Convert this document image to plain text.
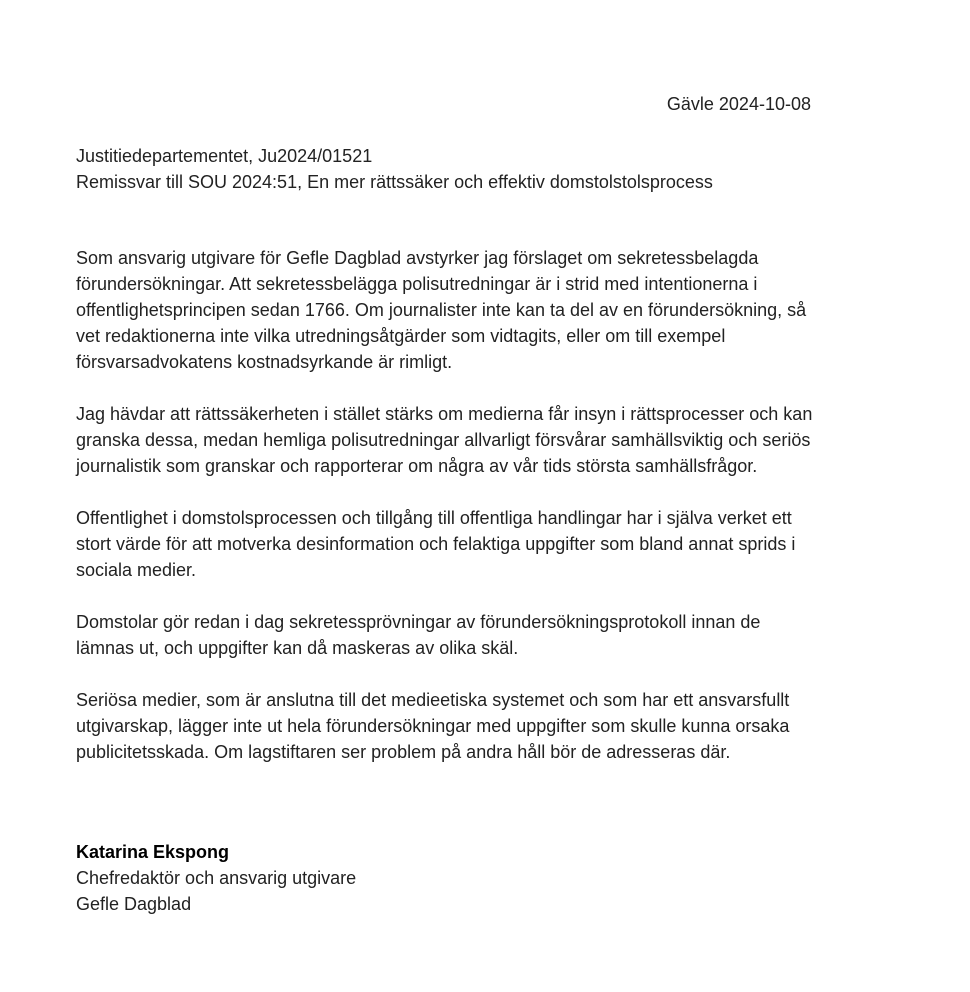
Gävle 2024-10-08
Justitiedepartementet, Ju2024/01521
Remissvar till SOU 2024:51, En mer rättssäker och effektiv domstolstolsprocess

Som ansvarig utgivare för Gefle Dagblad avstyrker jag förslaget om sekretessbelagda
förundersökningar. Att sekretessbelägga polisutredningar är i strid med intentionerna i
offentlighetsprincipen sedan 1766. Om journalister inte kan ta del av en förundersökning, så
vet redaktionerna inte vilka utredningsåtgärder som vidtagits, eller om till exempel
försvarsadvokatens kostnadsyrkande är rimligt.

Jag hävdar att rättssäkerheten i stället stärks om medierna får insyn i rättsprocesser och kan
granska dessa, medan hemliga polisutredningar allvarligt försvårar samhällsviktig och seriös
journalistik som granskar och rapporterar om några av vår tids största samhällsfrågor.

Offentlighet i domstolsprocessen och tillgång till offentliga handlingar har i själva verket ett
stort värde för att motverka desinformation och felaktiga uppgifter som bland annat sprids i
sociala medier.

Domstolar gör redan i dag sekretessprövningar av förundersökningsprotokoll innan de
lämnas ut, och uppgifter kan då maskeras av olika skäl.

Seriösa medier, som är anslutna till det medieetiska systemet och som har ett ansvarsfullt
utgivarskap, lägger inte ut hela förundersökningar med uppgifter som skulle kunna orsaka
publicitetsskada. Om lagstiftaren ser problem på andra håll bör de adresseras där.

Katarina Ekspong
Chefredaktör och ansvarig utgivare
Gefle Dagblad
